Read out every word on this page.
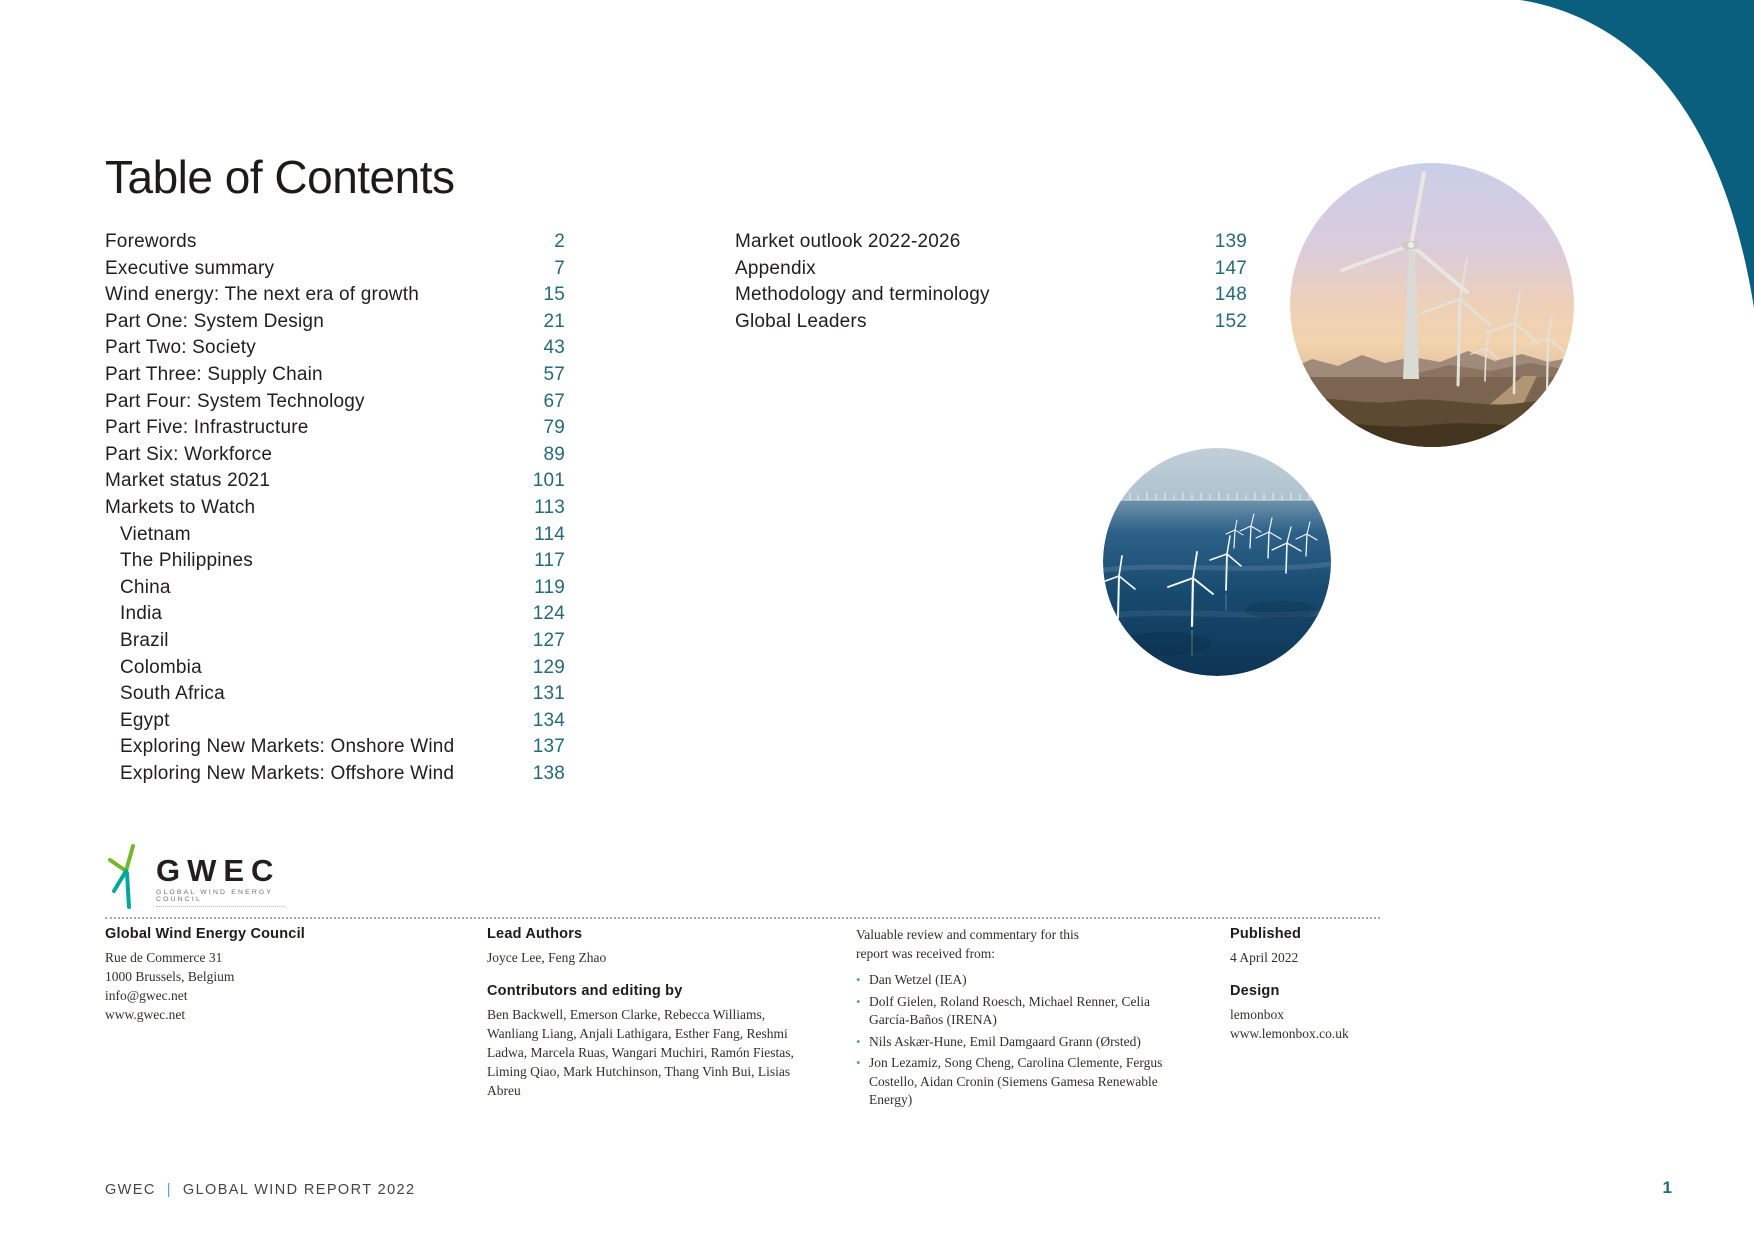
Table of Contents
Forewords	2
Executive summary	7
Wind energy: The next era of growth	15
Part One: System Design	21
Part Two: Society	43
Part Three: Supply Chain	57
Part Four: System Technology	67
Part Five: Infrastructure	79
Part Six: Workforce	89
Market status 2021	101
Markets to Watch	113
Vietnam	114
The Philippines	117
China	119
India	124
Brazil	127
Colombia	129
South Africa	131
Egypt	134
Exploring New Markets: Onshore Wind	137
Exploring New Markets: Offshore Wind	138
Market outlook 2022-2026	139
Appendix	147
Methodology and terminology	148
Global Leaders	152
GWEC
GLOBAL WIND ENERGY COUNCIL
Global Wind Energy Council
Rue de Commerce 31
1000 Brussels, Belgium
info@gwec.net
www.gwec.net
Lead Authors
Joyce Lee, Feng Zhao
Contributors and editing by
Ben Backwell, Emerson Clarke, Rebecca Williams, Wanliang Liang, Anjali Lathigara, Esther Fang, Reshmi Ladwa, Marcela Ruas, Wangari Muchiri, Ramón Fiestas, Liming Qiao, Mark Hutchinson, Thang Vinh Bui, Lisias Abreu

Valuable review and commentary for this report was received from:

• Dan Wetzel (IEA)
• Dolf Gielen, Roland Roesch, Michael Renner, Celia García-Baños (IRENA)
• Nils Askær-Hune, Emil Damgaard Grann (Ørsted)
• Jon Lezamiz, Song Cheng, Carolina Clemente, Fergus Costello, Aidan Cronin (Siemens Gamesa Renewable Energy)
Published
4 April 2022
Design
lemonbox
www.lemonbox.co.uk
GWEC | GLOBAL WIND REPORT 2022	1
